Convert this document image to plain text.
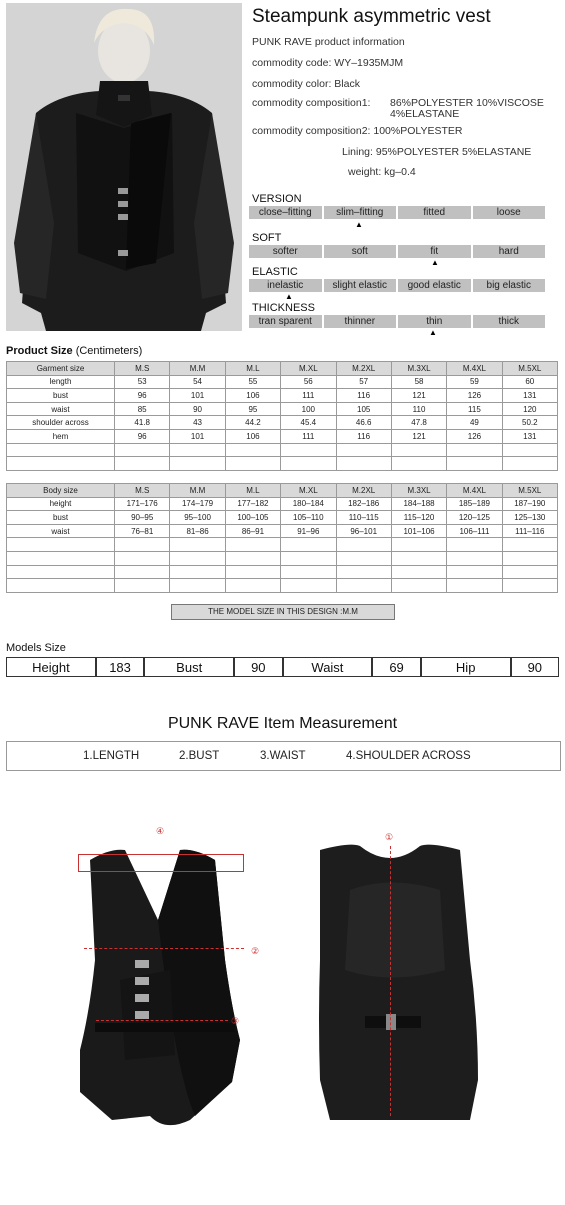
Steampunk asymmetric vest
PUNK RAVE product information
commodity code: WY–1935MJM
commodity color: Black
commodity composition1: 86%POLYESTER 10%VISCOSE
4%ELASTANE
commodity composition2: 100%POLYESTER
Lining: 95%POLYESTER 5%ELASTANE
weight: kg–0.4
VERSION
close–fitting	slim–fitting	fitted	loose
▲
SOFT
softer	soft	fit	hard
▲
ELASTIC
inelastic	slight elastic	good elastic	big elastic
▲
THICKNESS
tran sparent	thinner	thin	thick
▲
Product Size (Centimeters)
Garment size	M.S	M.M	M.L	M.XL	M.2XL	M.3XL	M.4XL	M.5XL
length	53	54	55	56	57	58	59	60
bust	96	101	106	111	116	121	126	131
waist	85	90	95	100	105	110	115	120
shoulder across	41.8	43	44.2	45.4	46.6	47.8	49	50.2
hem	96	101	106	111	116	121	126	131

Body size	M.S	M.M	M.L	M.XL	M.2XL	M.3XL	M.4XL	M.5XL
height	171–176	174–179	177–182	180–184	182–186	184–188	185–189	187–190
bust	90–95	95–100	100–105	105–110	110–115	115–120	120–125	125–130
waist	76–81	81–86	86–91	91–96	96–101	101–106	106–111	111–116

THE MODEL SIZE IN THIS DESIGN :M.M
Models Size
Height	183	Bust	90	Waist	69	Hip	90
PUNK RAVE Item Measurement
1.LENGTH	2.BUST	3.WAIST	4.SHOULDER ACROSS
④
①
②
③
